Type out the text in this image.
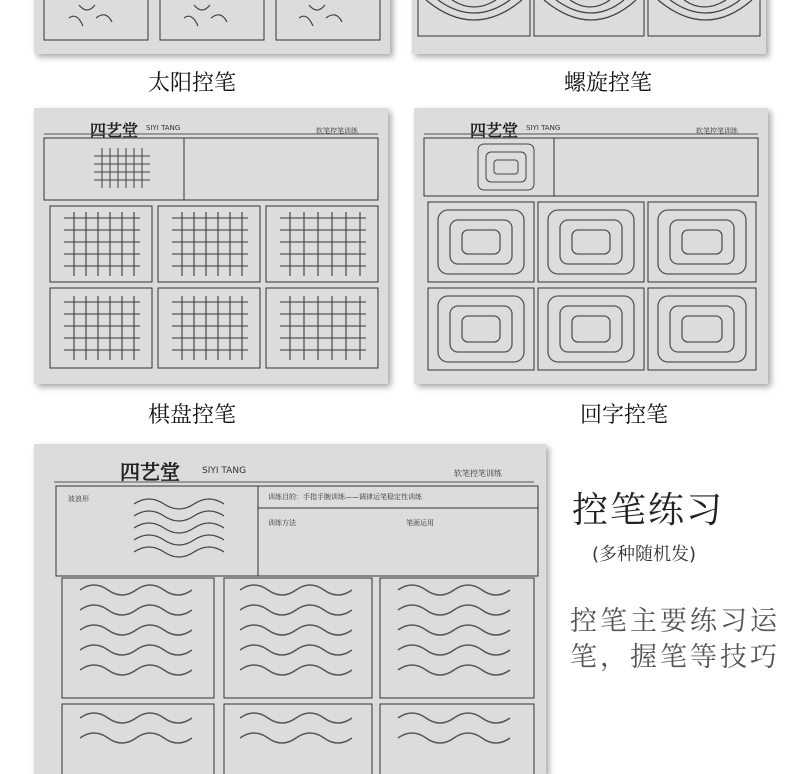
太阳控笔	螺旋控笔
四艺堂 SIYI TANG	软笔控笔训练	四艺堂 SIYI TANG	软笔控笔训练
棋盘控笔	回字控笔
四艺堂 SIYI TANG	软笔控笔训练
波浪形	训练目的：手指手腕训练——调律运笔稳定性训练
训练方法	笔画运用	控笔练习
(多种随机发)
控笔主要练习运笔，握笔等技巧
